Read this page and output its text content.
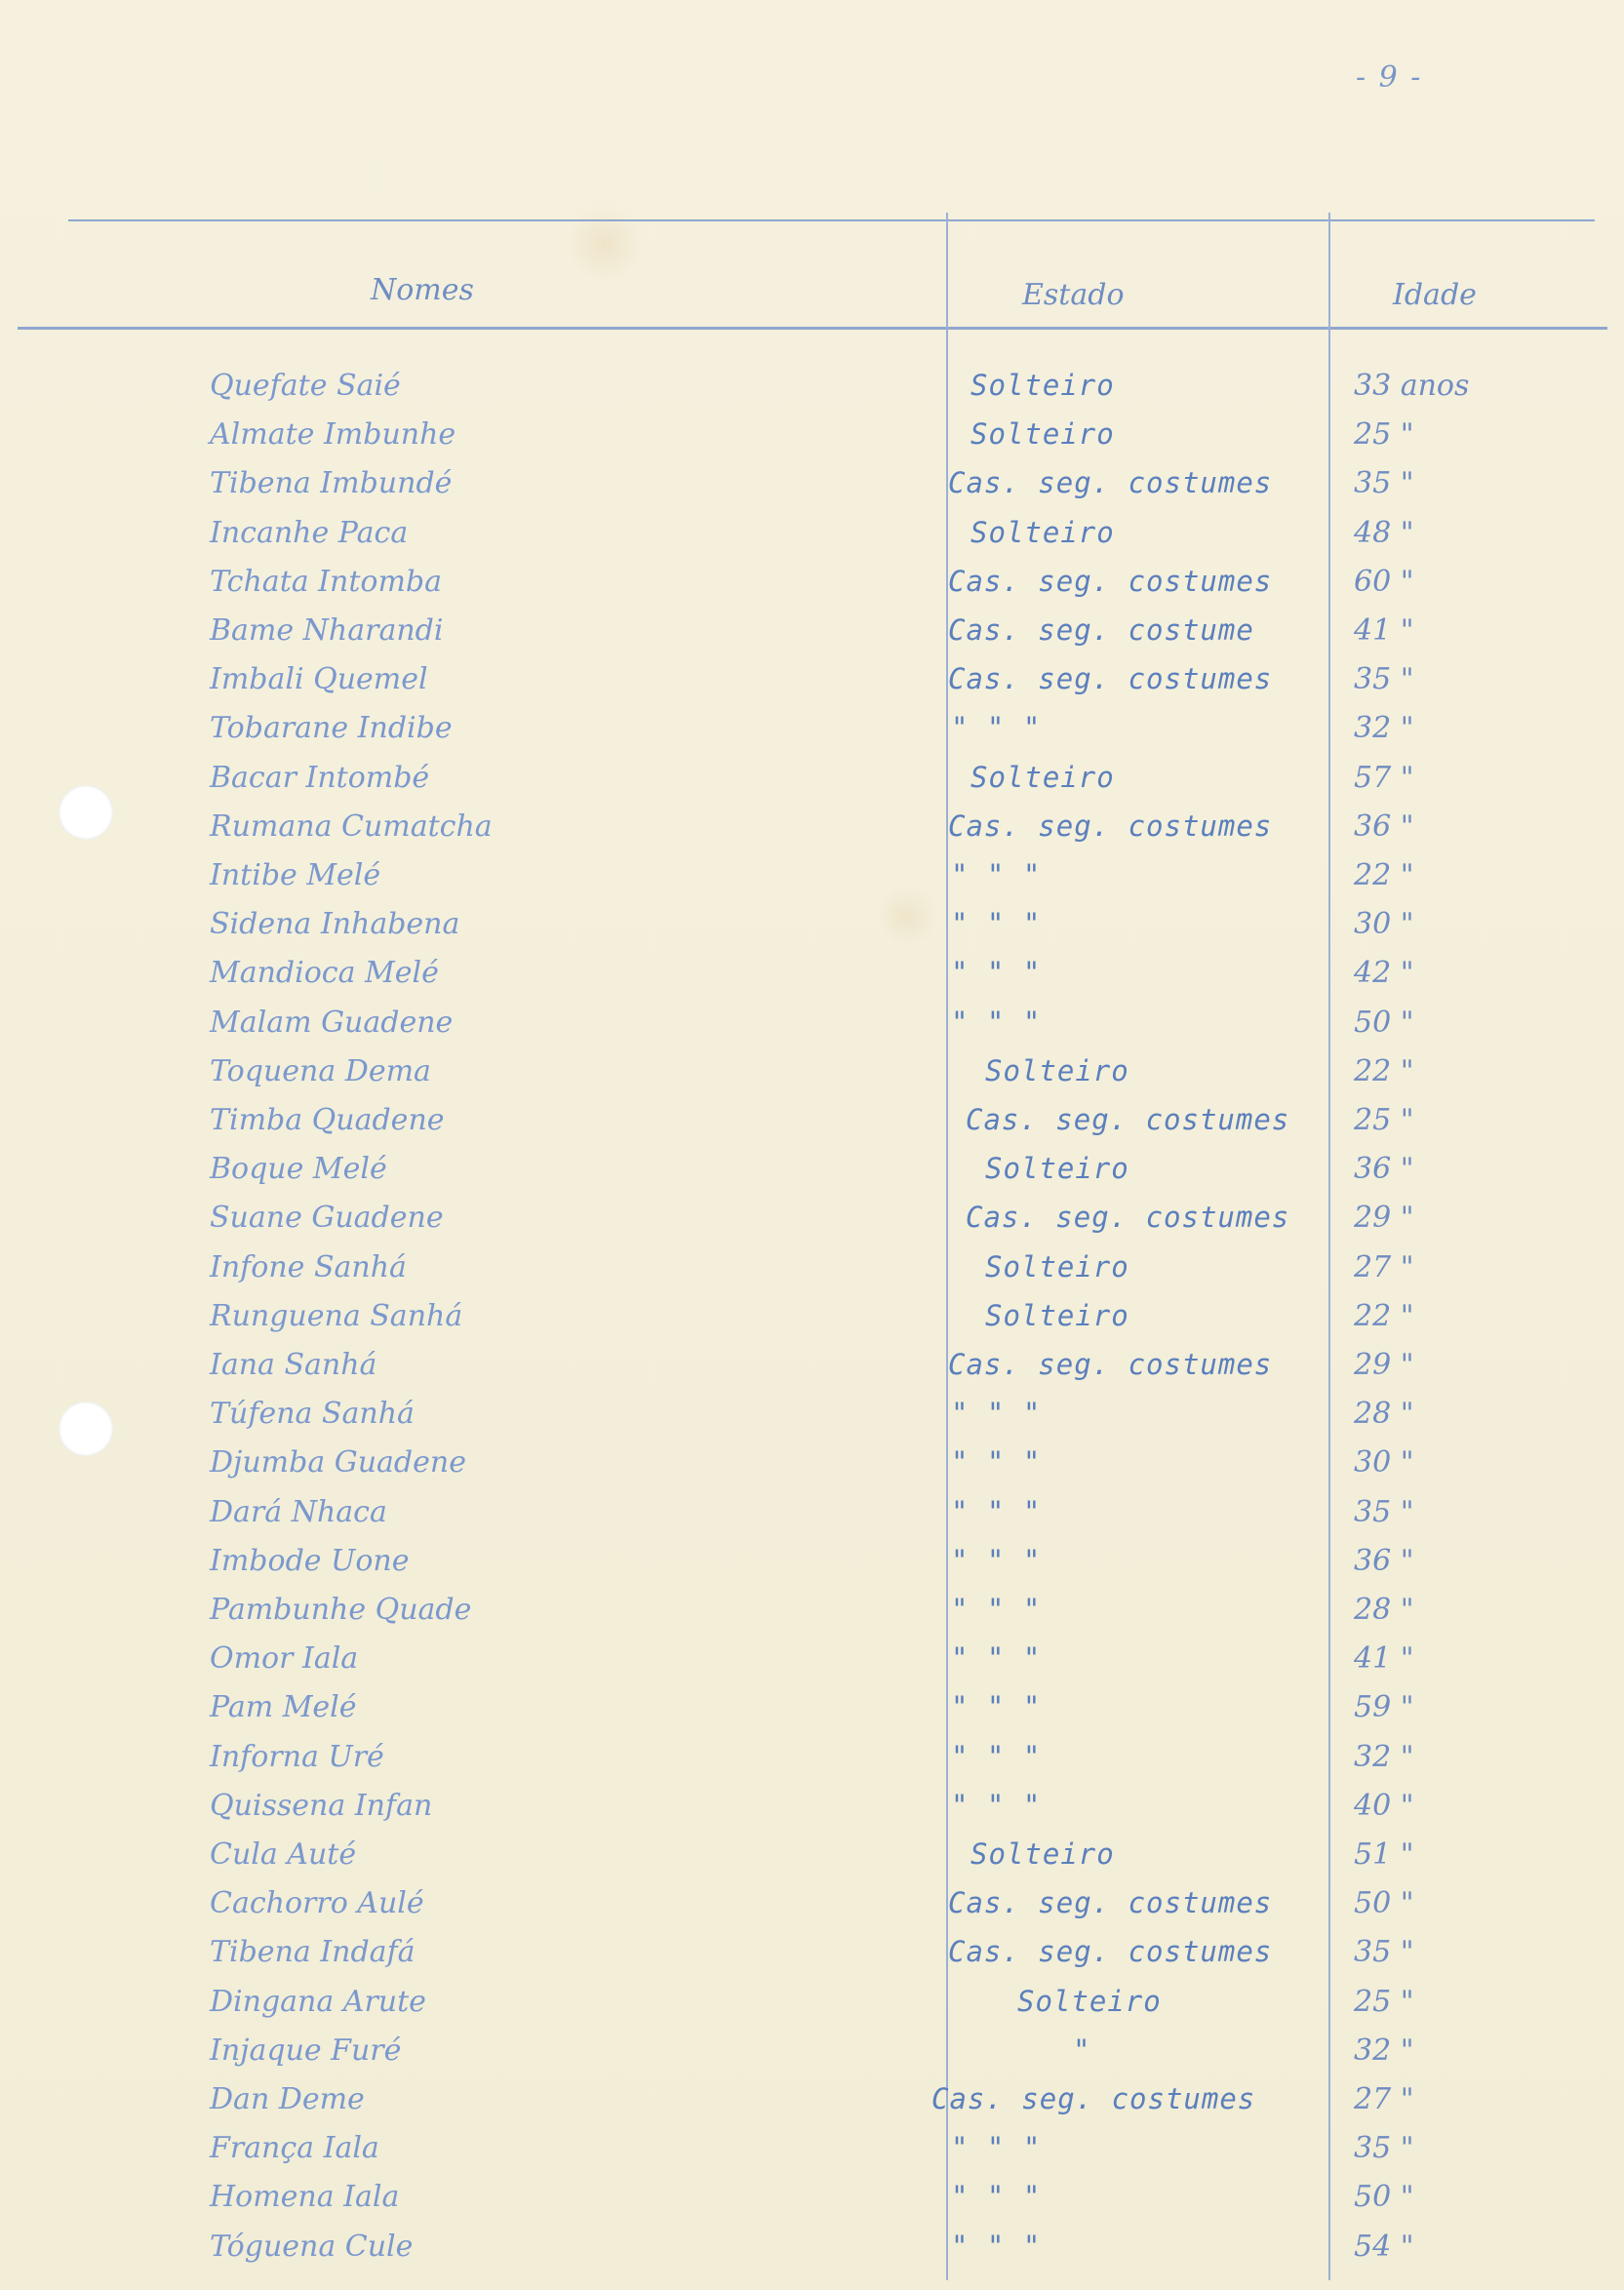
- 9 -
Nomes	Estado	Idade
Quefate Saié	Solteiro	33 anos
Almate Imbunhe	Solteiro	25 "
Tibena Imbundé	Cas. seg. costumes	35 "
Incanhe Paca	Solteiro	48 "
Tchata Intomba	Cas. seg. costumes	60 "
Bame Nharandi	Cas. seg. costume	41 "
Imbali Quemel	Cas. seg. costumes	35 "
Tobarane Indibe	" " "	32 "
Bacar Intombé	Solteiro	57 "
Rumana Cumatcha	Cas. seg. costumes	36 "
Intibe Melé	" " "	22 "
Sidena Inhabena	" " "	30 "
Mandioca Melé	" " "	42 "
Malam Guadene	" " "	50 "
Toquena Dema	Solteiro	22 "
Timba Quadene	Cas. seg. costumes 25 "
Boque Melé	Solteiro	36 "
Suane Guadene	Cas. seg. costumes 29 "
Infone Sanhá	Solteiro	27 "
Runguena Sanhá	Solteiro	22 "
Iana Sanhá	Cas. seg. costumes	29 "
Túfena Sanhá	" " "	28 "
Djumba Guadene	" " "	30 "
Dará Nhaca	" " "	35 "
Imbode Uone	" " "	36 "
Pambunhe Quade	" " "	28 "
Omor Iala	" " "	41 "
Pam Melé	" " "	59 "
Inforna Uré	" " "	32 "
Quissena Infan	" " "	40 "
Cula Auté	Solteiro	51 "
Cachorro Aulé	Cas. seg. costumes	50 "
Tibena Indafá	Cas. seg. costumes	35 "
Dingana Arute	Solteiro	25 "
Injaque Furé	"	32 "
Dan Deme	Cas. seg. costumes	27 "
França Iala	" " "	35 "
Homena Iala	" " "	50 "
Tóguena Cule	" " "	54 "
